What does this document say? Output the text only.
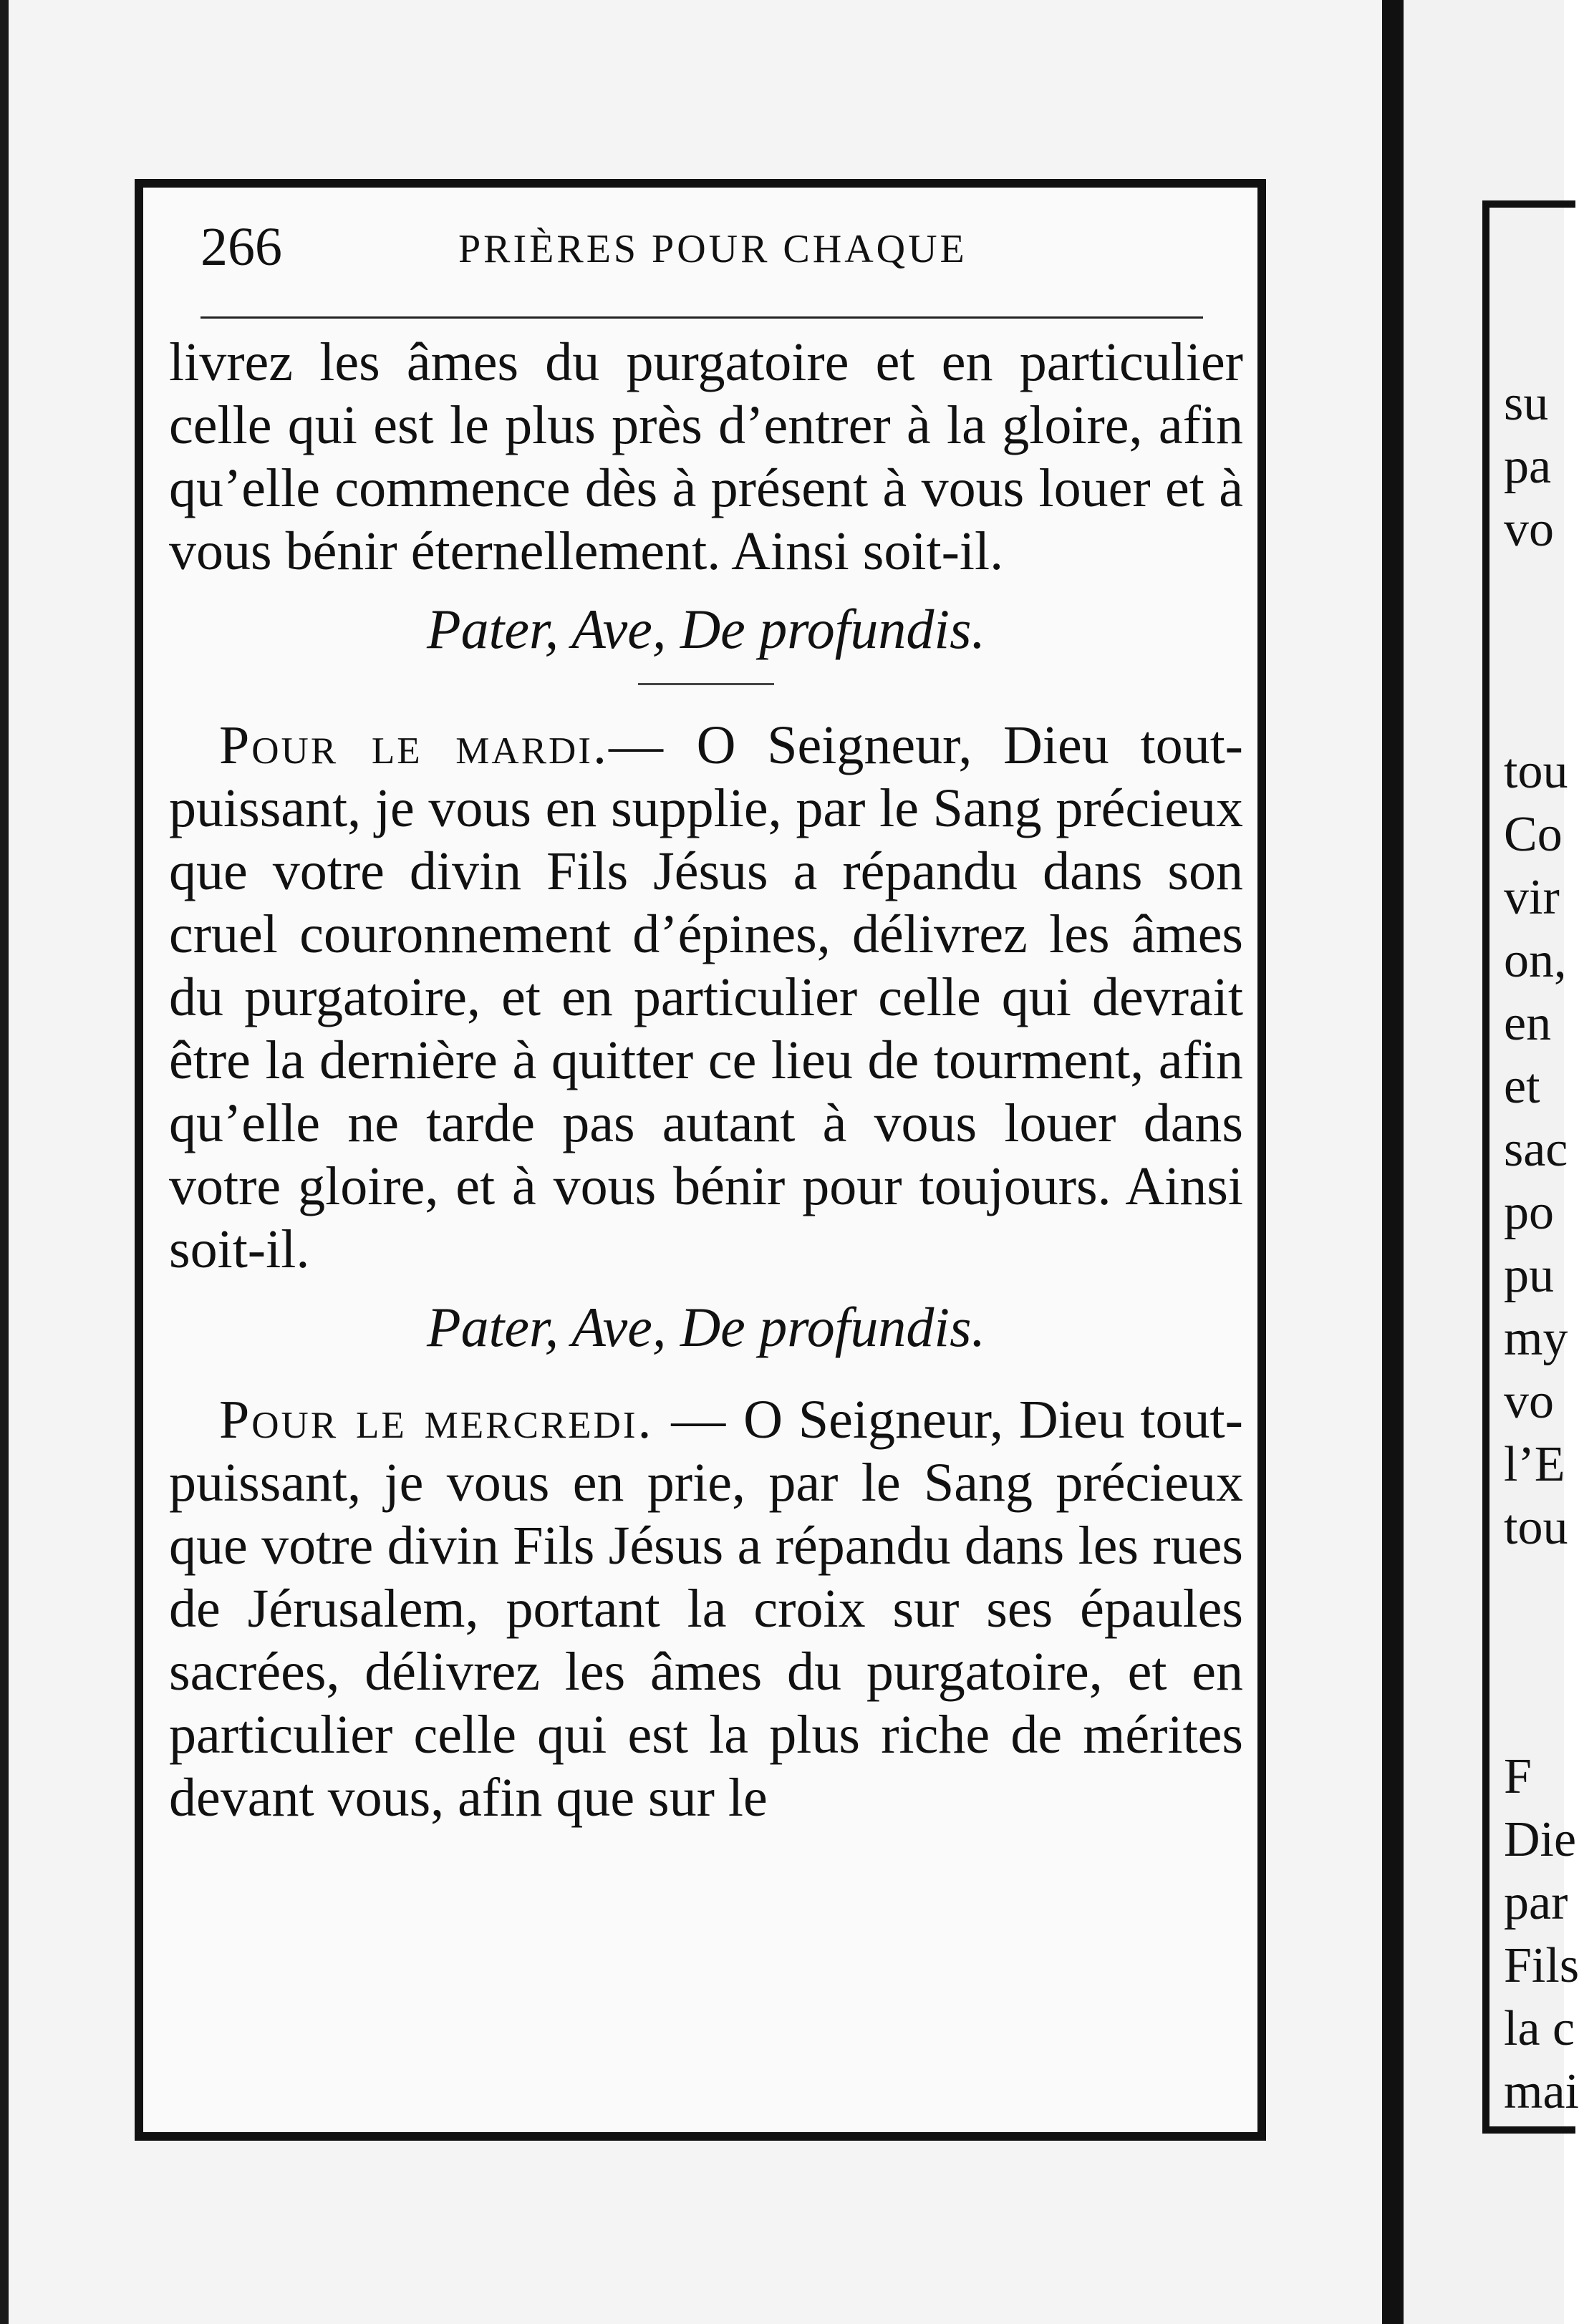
266	PRIÈRES POUR CHAQUE

livrez les âmes du purgatoire et en particulier celle qui est le plus près d’entrer à la gloire, afin qu’elle commence dès à présent à vous louer et à vous bénir éternellement. Ainsi soit-il.

Pater, Ave, De profundis.

Pour le mardi.— O Seigneur, Dieu tout-puissant, je vous en supplie, par le Sang précieux que votre divin Fils Jésus a répandu dans son cruel couronnement d’épines, délivrez les âmes du purgatoire, et en particulier celle qui devrait être la dernière à quitter ce lieu de tourment, afin qu’elle ne tarde pas autant à vous louer dans votre gloire, et à vous bénir pour toujours. Ainsi soit-il.

Pater, Ave, De profundis.

Pour le mercredi. — O Seigneur, Dieu tout-puissant, je vous en prie, par le Sang précieux que votre divin Fils Jésus a répandu dans les rues de Jérusalem, portant la croix sur ses épaules sacrées, délivrez les âmes du purgatoire, et en particulier celle qui est la plus riche de mérites devant vous, afin que sur le

su
pa
vo
tou
Co
vir
on,
en
et
sac
po
pu
my
vo
l’E
tou
F
Die
par
Fils
la c
mai
